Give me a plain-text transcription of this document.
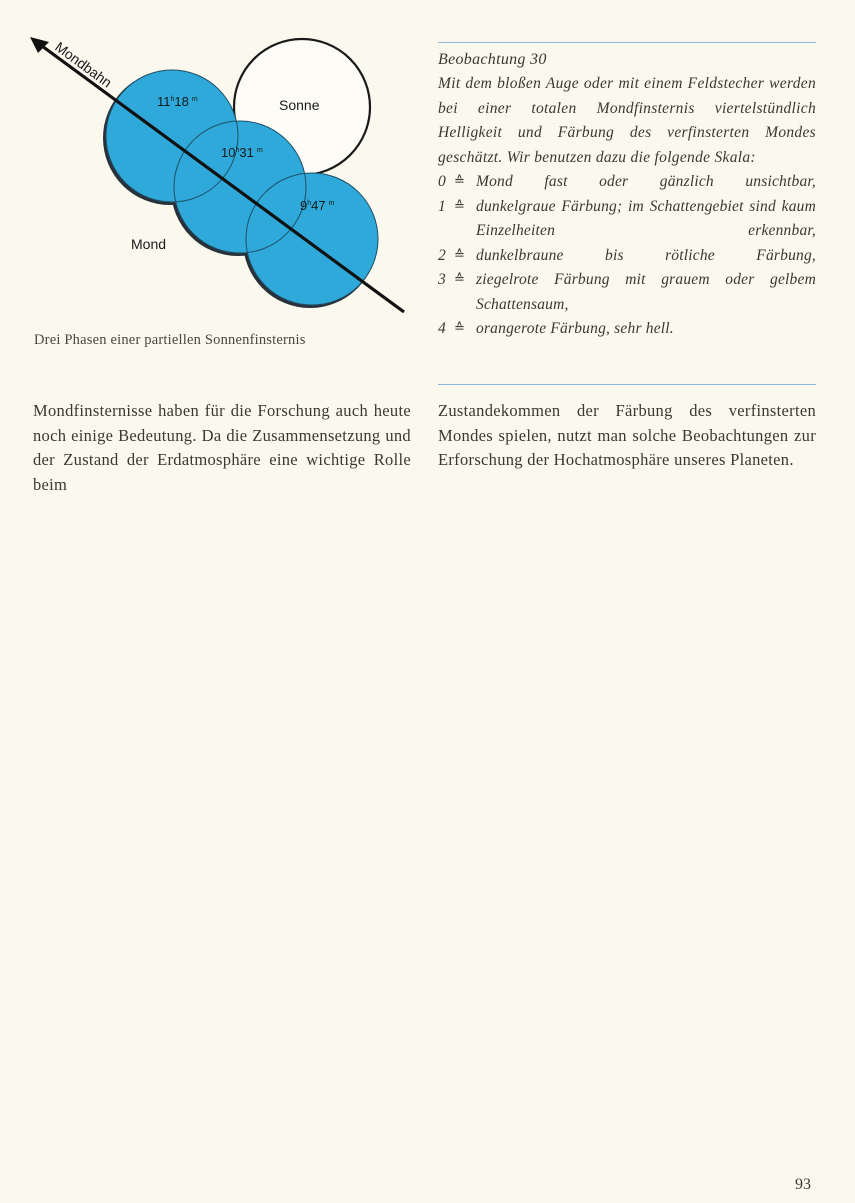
Mondbahn
Sonne
Mond
11$^h$18 $^m$
10$^h$31 $^m$
9$^h$47 $^m$
Drei Phasen einer partiellen Sonnenfinsternis
Beobachtung 30
Mit dem bloßen Auge oder mit einem Feldstecher werden bei einer totalen Mondfinsternis viertelstündlich Helligkeit und Färbung des verfinsterten Mondes geschätzt. Wir benutzen dazu die folgende Skala:
0 ≙ Mond fast oder gänzlich unsichtbar,
1 ≙ dunkelgraue Färbung; im Schattengebiet sind kaum Einzelheiten erkennbar,
2 ≙ dunkelbraune bis rötliche Färbung,
3 ≙ ziegelrote Färbung mit grauem oder gelbem Schattensaum,
4 ≙ orangerote Färbung, sehr hell.

Mondfinsternisse haben für die Forschung auch heute noch einige Bedeutung. Da die Zusammensetzung und der Zustand der Erdatmosphäre eine wichtige Rolle beim

Zustandekommen der Färbung des verfinsterten Mondes spielen, nutzt man solche Beobachtungen zur Erforschung der Hochatmosphäre unseres Planeten.

93
